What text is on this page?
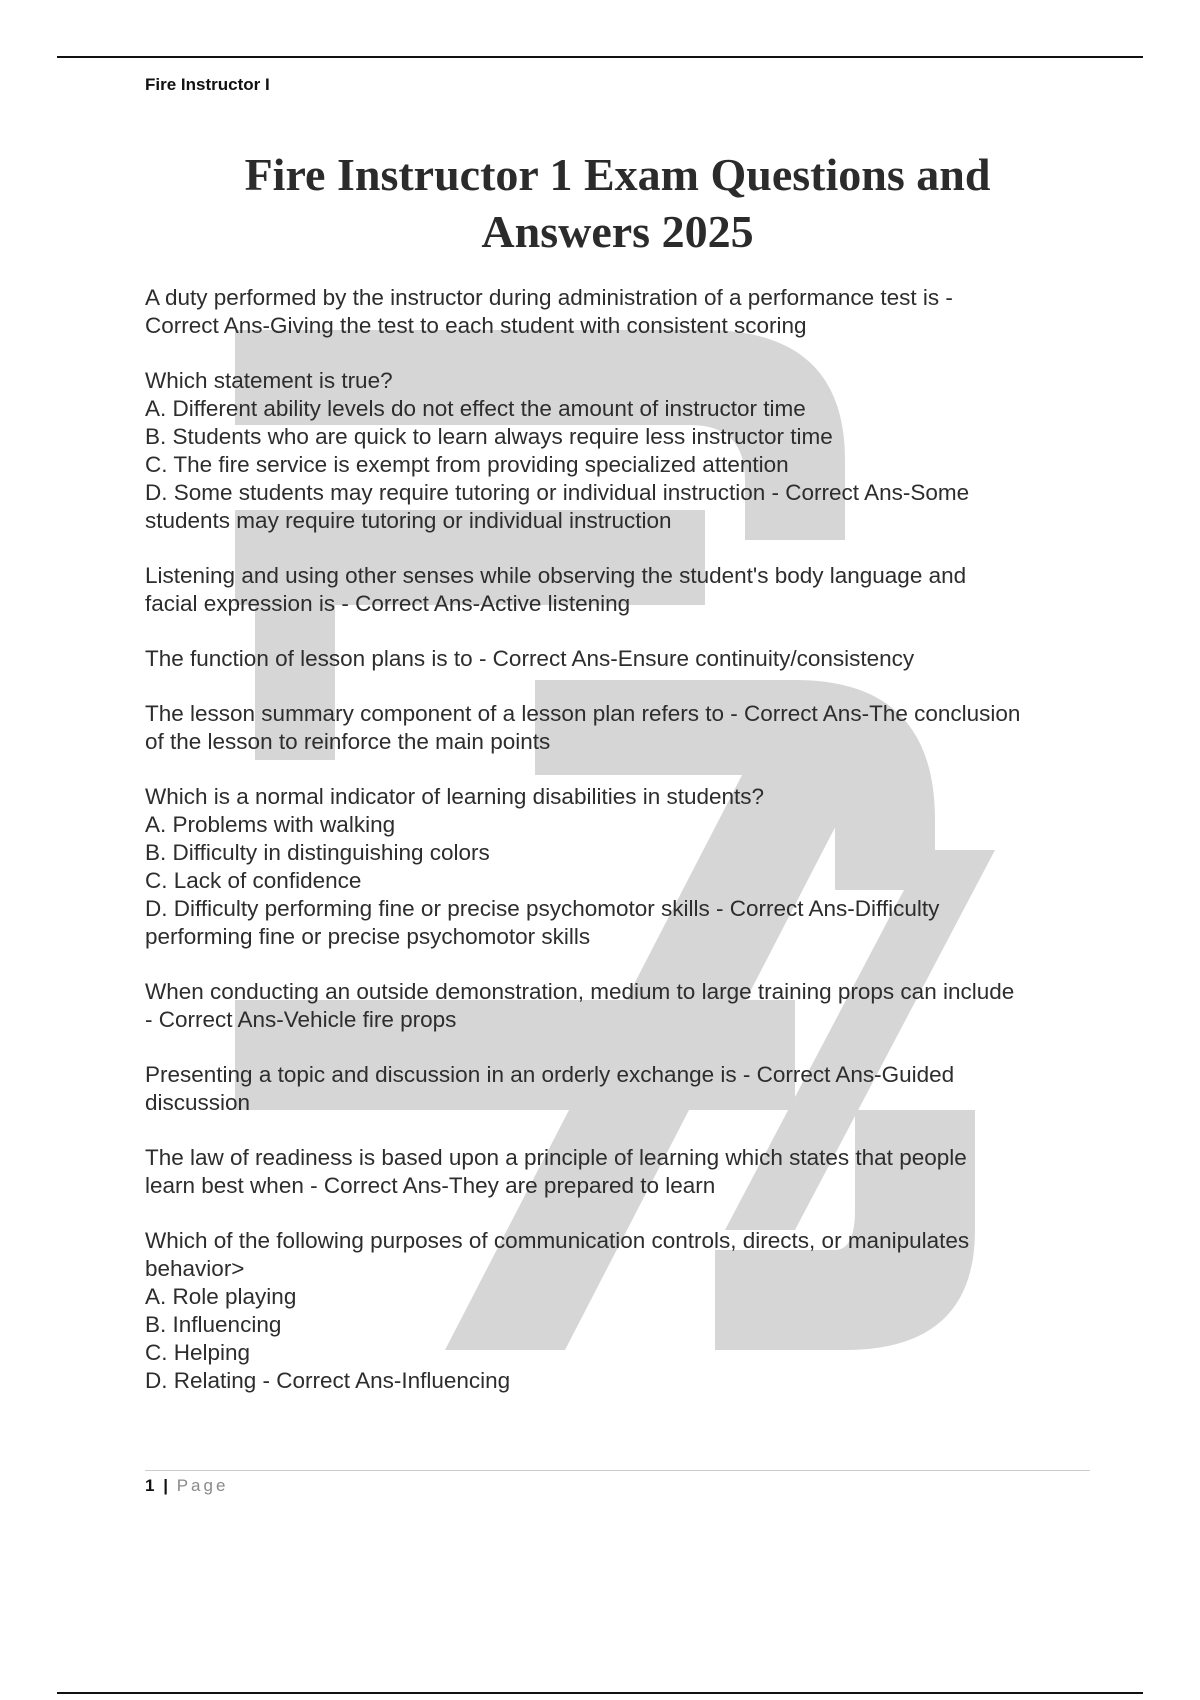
Fire Instructor I

Fire Instructor 1 Exam Questions and
Answers 2025
A duty performed by the instructor during administration of a performance test is -
Correct Ans-Giving the test to each student with consistent scoring
Which statement is true?
A. Different ability levels do not effect the amount of instructor time
B. Students who are quick to learn always require less instructor time
C. The fire service is exempt from providing specialized attention
D. Some students may require tutoring or individual instruction - Correct Ans-Some
students may require tutoring or individual instruction
Listening and using other senses while observing the student's body language and
facial expression is - Correct Ans-Active listening
The function of lesson plans is to - Correct Ans-Ensure continuity/consistency
The lesson summary component of a lesson plan refers to - Correct Ans-The conclusion
of the lesson to reinforce the main points
Which is a normal indicator of learning disabilities in students?
A. Problems with walking
B. Difficulty in distinguishing colors
C. Lack of confidence
D. Difficulty performing fine or precise psychomotor skills - Correct Ans-Difficulty
performing fine or precise psychomotor skills
When conducting an outside demonstration, medium to large training props can include
- Correct Ans-Vehicle fire props
Presenting a topic and discussion in an orderly exchange is - Correct Ans-Guided
discussion
The law of readiness is based upon a principle of learning which states that people
learn best when - Correct Ans-They are prepared to learn
Which of the following purposes of communication controls, directs, or manipulates
behavior>
A. Role playing
B. Influencing
C. Helping
D. Relating - Correct Ans-Influencing
1 | Page
